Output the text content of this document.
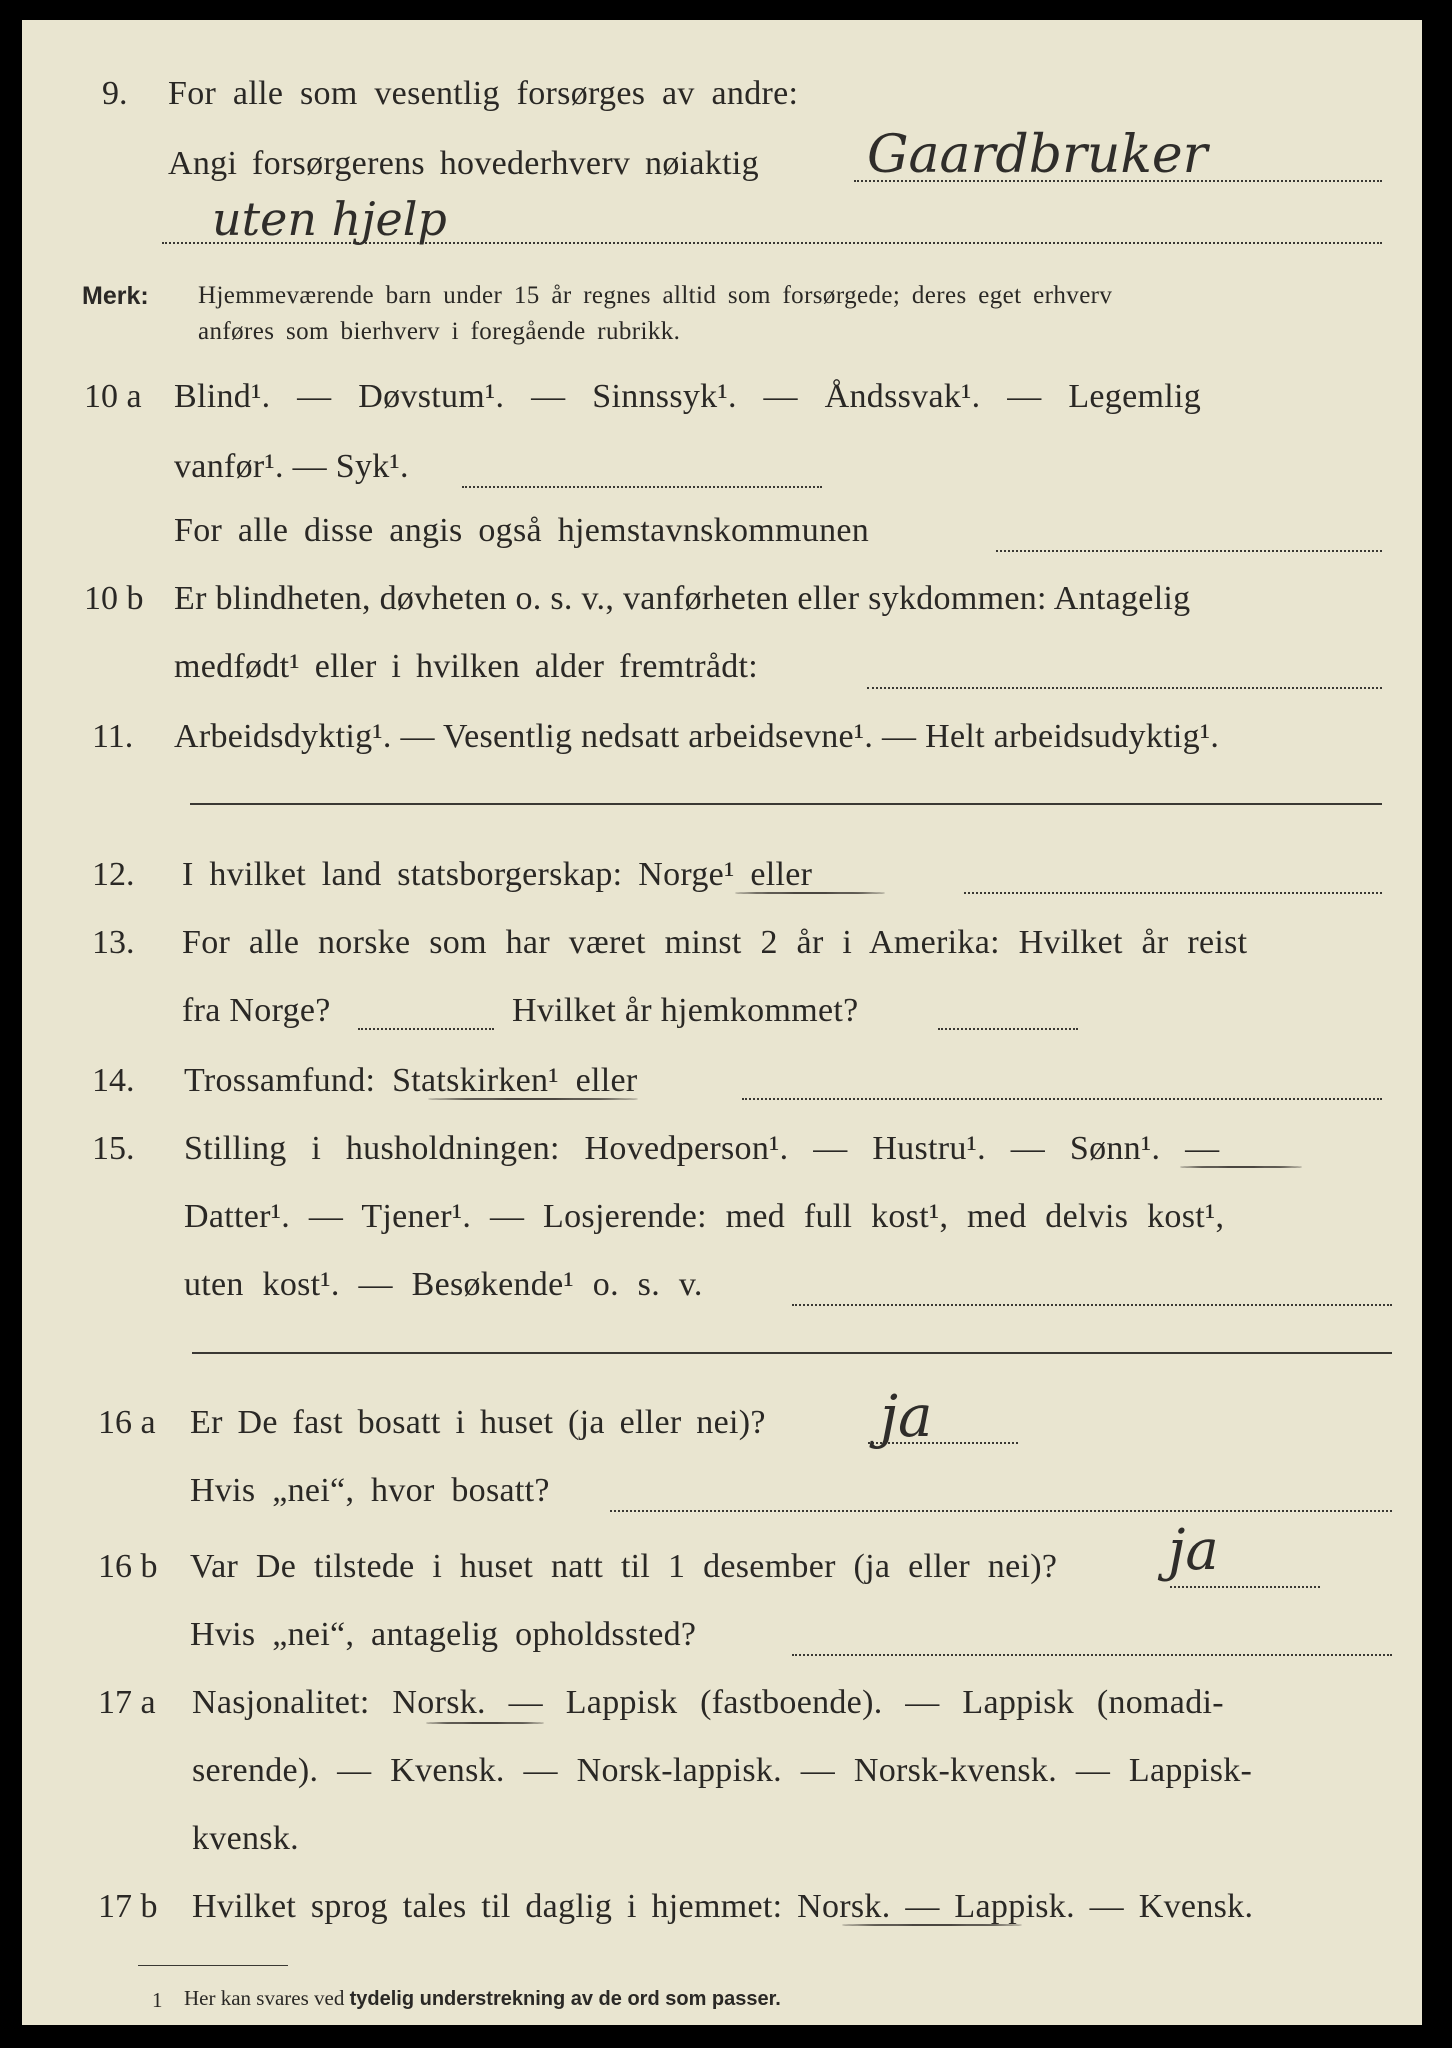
9. For alle som vesentlig forsørges av andre:
Angi forsørgerens hovederhverv nøiaktig Gaardbruker
uten hjelp
Merk: Hjemmeværende barn under 15 år regnes alltid som forsørgede; deres eget erhverv
anføres som bierhverv i foregående rubrikk.
10 a Blind¹. — Døvstum¹. — Sinnssyk¹. — Åndssvak¹. — Legemlig
vanfør¹. — Syk¹.
For alle disse angis også hjemstavnskommunen
10 b Er blindheten, døvheten o. s. v., vanførheten eller sykdommen: Antagelig
medfødt¹ eller i hvilken alder fremtrådt:
11. Arbeidsdyktig¹. — Vesentlig nedsatt arbeidsevne¹. — Helt arbeidsudyktig¹.
12. I hvilket land statsborgerskap: Norge¹ eller
13. For alle norske som har været minst 2 år i Amerika: Hvilket år reist
fra Norge?	Hvilket år hjemkommet?
14. Trossamfund: Statskirken¹ eller
15. Stilling i husholdningen: Hovedperson¹. — Hustru¹. — Sønn¹. —
Datter¹. — Tjener¹. — Losjerende: med full kost¹, med delvis kost¹,
uten kost¹. — Besøkende¹ o. s. v.
16 a Er De fast bosatt i huset (ja eller nei)? ja
Hvis „nei“, hvor bosatt?
16 b Var De tilstede i huset natt til 1 desember (ja eller nei)? ja
Hvis „nei“, antagelig opholdssted?
17 a Nasjonalitet: Norsk. — Lappisk (fastboende). — Lappisk (nomadi-
serende). — Kvensk. — Norsk-lappisk. — Norsk-kvensk. — Lappisk-
kvensk.
17 b Hvilket sprog tales til daglig i hjemmet: Norsk. — Lappisk. — Kvensk.
1 Her kan svares ved tydelig understrekning av de ord som passer.
